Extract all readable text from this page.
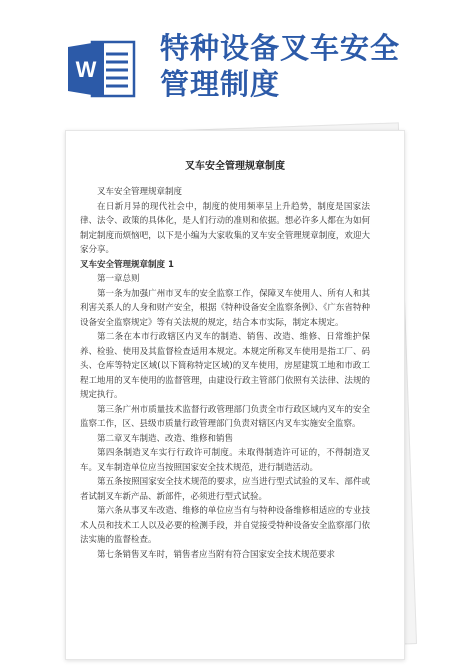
W
特种设备叉车安全
管理制度
叉车安全管理规章制度

叉车安全管理规章制度

在日新月异的现代社会中，制度的使用频率呈上升趋势，制度是国家法律、法令、政策的具体化，是人们行动的准则和依据。想必许多人都在为如何制定制度而烦恼吧，以下是小编为大家收集的叉车安全管理规章制度，欢迎大家分享。

叉车安全管理规章制度 1

第一章总则

第一条为加强广州市叉车的安全监察工作，保障叉车使用人、所有人和其利害关系人的人身和财产安全，根据《特种设备安全监察条例》、《广东省特种设备安全监察规定》等有关法规的规定，结合本市实际，制定本规定。

第二条在本市行政辖区内叉车的制造、销售、改造、维修、日常维护保养、检验、使用及其监督检查适用本规定。本规定所称叉车使用是指工厂、码头、仓库等特定区域(以下简称特定区域)的叉车使用，房屋建筑工地和市政工程工地用的叉车使用的监督管理，由建设行政主管部门依照有关法律、法规的规定执行。

第三条广州市质量技术监督行政管理部门负责全市行政区域内叉车的安全监察工作，区、县级市质量行政管理部门负责对辖区内叉车实施安全监察。

第二章叉车制造、改造、维修和销售

第四条制造叉车实行行政许可制度。未取得制造许可证的，不得制造叉车。叉车制造单位应当按照国家安全技术规范，进行制造活动。

第五条按照国家安全技术规范的要求，应当进行型式试验的叉车、部件或者试制叉车新产品、新部件，必须进行型式试验。

第六条从事叉车改造、维修的单位应当有与特种设备维修相适应的专业技术人员和技术工人以及必要的检测手段，并自觉接受特种设备安全监察部门依法实施的监督检查。

第七条销售叉车时，销售者应当附有符合国家安全技术规范要求
